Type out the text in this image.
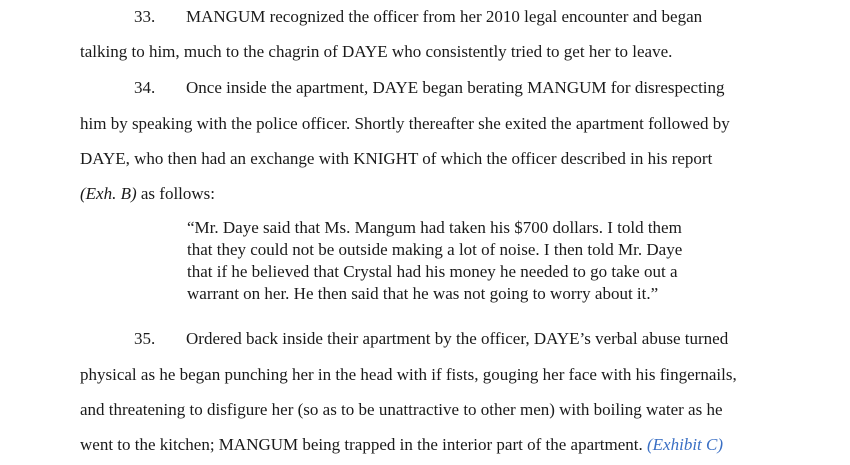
33. MANGUM recognized the officer from her 2010 legal encounter and began
talking to him, much to the chagrin of DAYE who consistently tried to get her to leave.
34. Once inside the apartment, DAYE began berating MANGUM for disrespecting
him by speaking with the police officer. Shortly thereafter she exited the apartment followed by
DAYE, who then had an exchange with KNIGHT of which the officer described in his report
(Exh. B) as follows:
“Mr. Daye said that Ms. Mangum had taken his $700 dollars. I told them
that they could not be outside making a lot of noise. I then told Mr. Daye
that if he believed that Crystal had his money he needed to go take out a
warrant on her. He then said that he was not going to worry about it.”
35. Ordered back inside their apartment by the officer, DAYE’s verbal abuse turned
physical as he began punching her in the head with if fists, gouging her face with his fingernails,
and threatening to disfigure her (so as to be unattractive to other men) with boiling water as he
went to the kitchen; MANGUM being trapped in the interior part of the apartment. (Exhibit C)
